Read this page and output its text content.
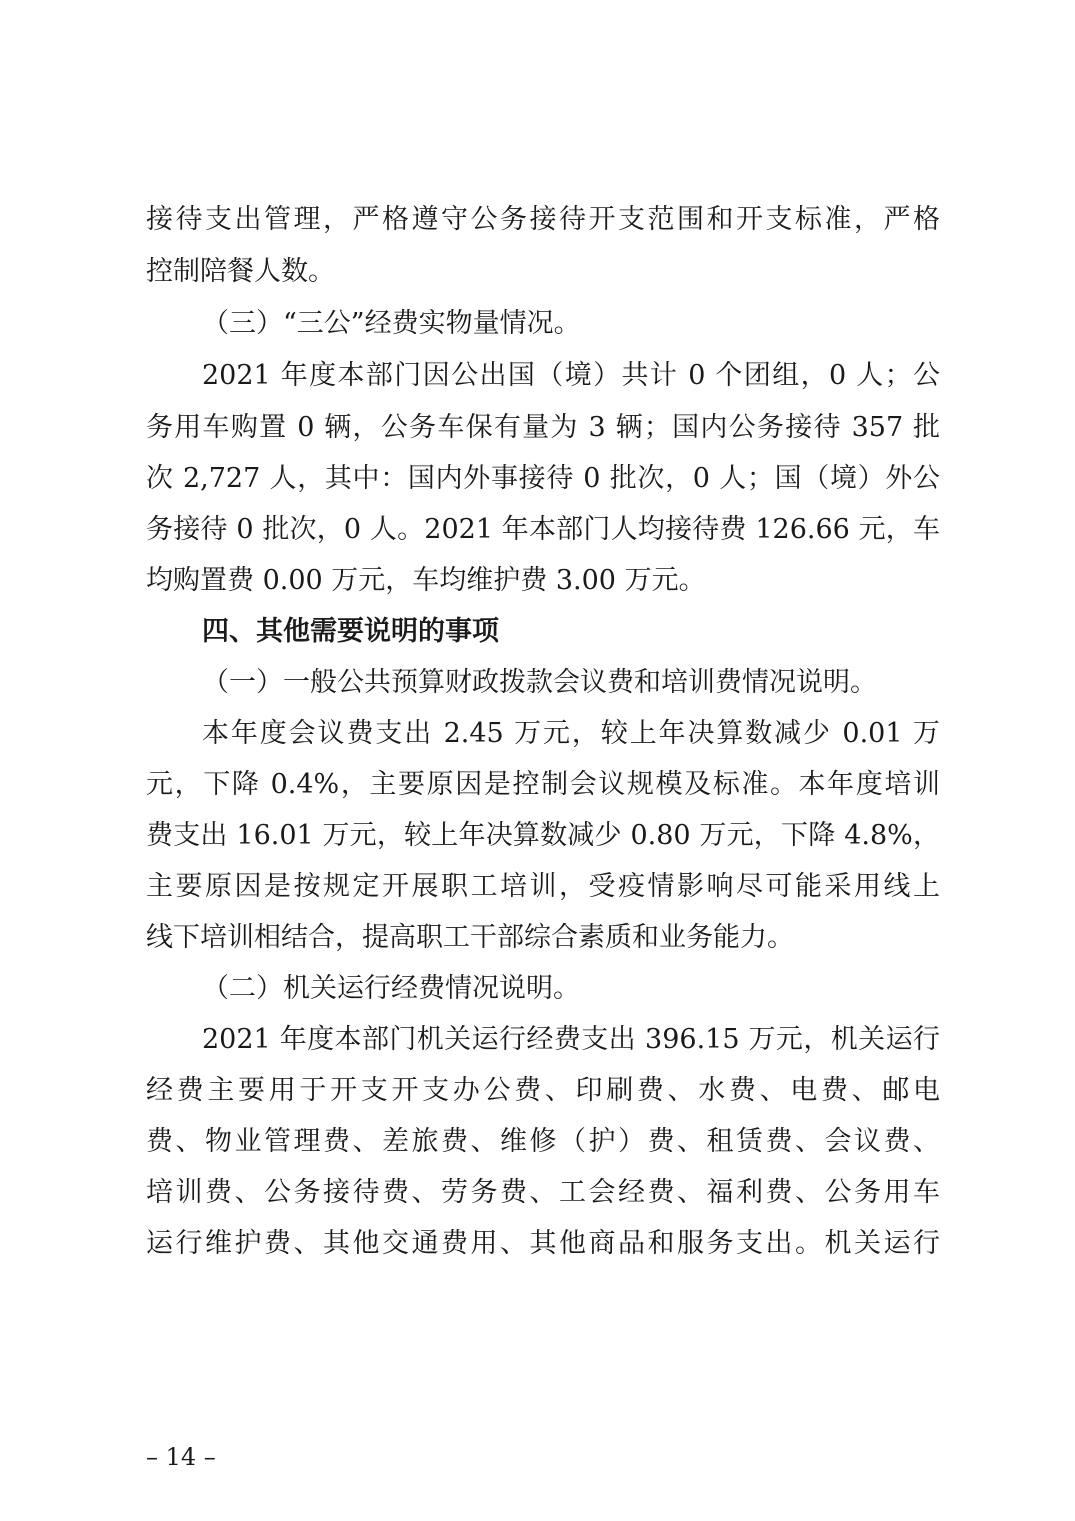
接待支出管理，严格遵守公务接待开支范围和开支标准，严格
控制陪餐人数。
（三）“三公”经费实物量情况。
2021 年度本部门因公出国（境）共计 0 个团组，0 人；公
务用车购置 0 辆，公务车保有量为 3 辆；国内公务接待 357 批
次 2,727 人，其中：国内外事接待 0 批次，0 人；国（境）外公
务接待 0 批次，0 人。2021 年本部门人均接待费 126.66 元，车
均购置费 0.00 万元，车均维护费 3.00 万元。
四、其他需要说明的事项
（一）一般公共预算财政拨款会议费和培训费情况说明。
本年度会议费支出 2.45 万元，较上年决算数减少 0.01 万
元，下降 0.4%，主要原因是控制会议规模及标准。本年度培训
费支出 16.01 万元，较上年决算数减少 0.80 万元，下降 4.8%，
主要原因是按规定开展职工培训，受疫情影响尽可能采用线上
线下培训相结合，提高职工干部综合素质和业务能力。
（二）机关运行经费情况说明。
2021 年度本部门机关运行经费支出 396.15 万元，机关运行
经费主要用于开支开支办公费、印刷费、水费、电费、邮电
费、物业管理费、差旅费、维修（护）费、租赁费、会议费、
培训费、公务接待费、劳务费、工会经费、福利费、公务用车
运行维护费、其他交通费用、其他商品和服务支出。机关运行
– 14 –
